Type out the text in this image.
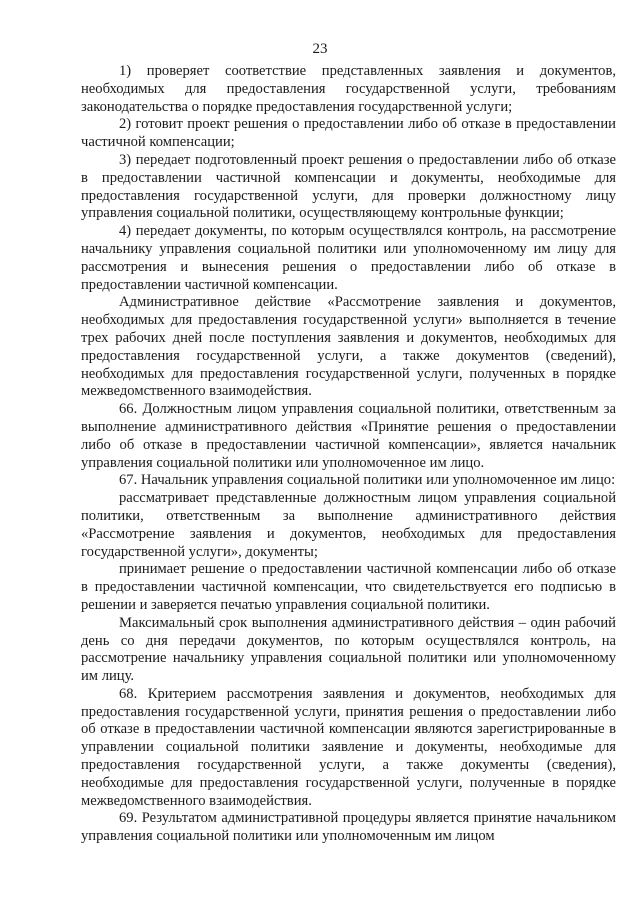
23

1) проверяет соответствие представленных заявления и документов, необходимых для предоставления государственной услуги, требованиям законодательства о порядке предоставления государственной услуги;

2) готовит проект решения о предоставлении либо об отказе в предоставлении частичной компенсации;

3) передает подготовленный проект решения о предоставлении либо об отказе в предоставлении частичной компенсации и документы, необходимые для предоставления государственной услуги, для проверки должностному лицу управления социальной политики, осуществляющему контрольные функции;

4) передает документы, по которым осуществлялся контроль, на рассмотрение начальнику управления социальной политики или уполномоченному им лицу для рассмотрения и вынесения решения о предоставлении либо об отказе в предоставлении частичной компенсации.

Административное действие «Рассмотрение заявления и документов, необходимых для предоставления государственной услуги» выполняется в течение трех рабочих дней после поступления заявления и документов, необходимых для предоставления государственной услуги, а также документов (сведений), необходимых для предоставления государственной услуги, полученных в порядке межведомственного взаимодействия.

66. Должностным лицом управления социальной политики, ответственным за выполнение административного действия «Принятие решения о предоставлении либо об отказе в предоставлении частичной компенсации», является начальник управления социальной политики или уполномоченное им лицо.

67. Начальник управления социальной политики или уполномоченное им лицо:

рассматривает представленные должностным лицом управления социальной политики, ответственным за выполнение административного действия «Рассмотрение заявления и документов, необходимых для предоставления государственной услуги», документы;

принимает решение о предоставлении частичной компенсации либо об отказе в предоставлении частичной компенсации, что свидетельствуется его подписью в решении и заверяется печатью управления социальной политики.

Максимальный срок выполнения административного действия – один рабочий день со дня передачи документов, по которым осуществлялся контроль, на рассмотрение начальнику управления социальной политики или уполномоченному им лицу.

68. Критерием рассмотрения заявления и документов, необходимых для предоставления государственной услуги, принятия решения о предоставлении либо об отказе в предоставлении частичной компенсации являются зарегистрированные в управлении социальной политики заявление и документы, необходимые для предоставления государственной услуги, а также документы (сведения), необходимые для предоставления государственной услуги, полученные в порядке межведомственного взаимодействия.

69. Результатом административной процедуры является принятие начальником управления социальной политики или уполномоченным им лицом
